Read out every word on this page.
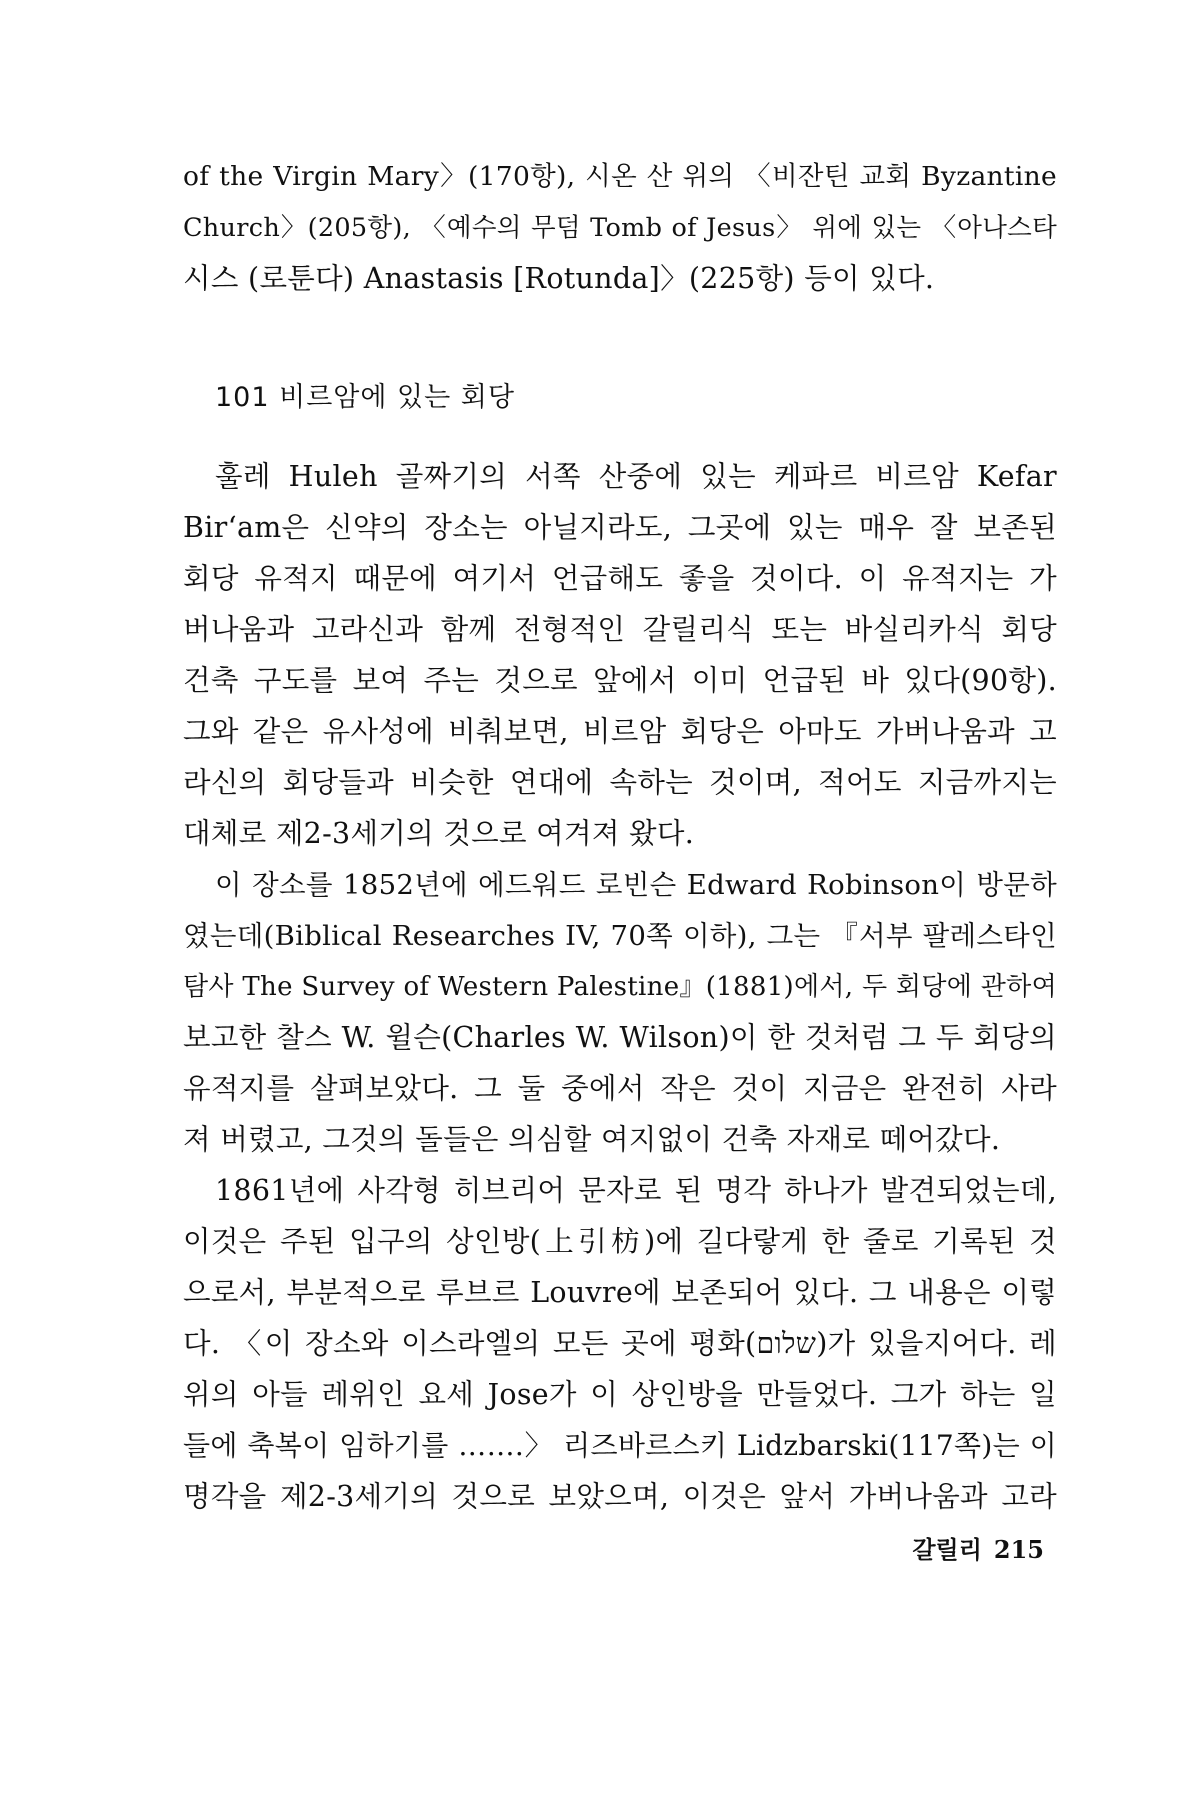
of the Virgin Mary〉(170항), 시온 산 위의 〈비잔틴 교회 Byzantine
Church〉(205항), 〈예수의 무덤 Tomb of Jesus〉 위에 있는 〈아나스타
시스 (로툰다) Anastasis [Rotunda]〉(225항) 등이 있다.
101 비르암에 있는 회당
훌레 Huleh 골짜기의 서쪽 산중에 있는 케파르 비르암 Kefar
Bir‘am은 신약의 장소는 아닐지라도, 그곳에 있는 매우 잘 보존된
회당 유적지 때문에 여기서 언급해도 좋을 것이다. 이 유적지는 가
버나움과 고라신과 함께 전형적인 갈릴리식 또는 바실리카식 회당
건축 구도를 보여 주는 것으로 앞에서 이미 언급된 바 있다(90항).
그와 같은 유사성에 비춰보면, 비르암 회당은 아마도 가버나움과 고
라신의 회당들과 비슷한 연대에 속하는 것이며, 적어도 지금까지는
대체로 제2-3세기의 것으로 여겨져 왔다.
이 장소를 1852년에 에드워드 로빈슨 Edward Robinson이 방문하
였는데(Biblical Researches IV, 70쪽 이하), 그는 『서부 팔레스타인
탐사 The Survey of Western Palestine』(1881)에서, 두 회당에 관하여
보고한 찰스 W. 윌슨(Charles W. Wilson)이 한 것처럼 그 두 회당의
유적지를 살펴보았다. 그 둘 중에서 작은 것이 지금은 완전히 사라
져 버렸고, 그것의 돌들은 의심할 여지없이 건축 자재로 떼어갔다.
1861년에 사각형 히브리어 문자로 된 명각 하나가 발견되었는데,
이것은 주된 입구의 상인방(上引枋)에 길다랗게 한 줄로 기록된 것
으로서, 부분적으로 루브르 Louvre에 보존되어 있다. 그 내용은 이렇
다. 〈이 장소와 이스라엘의 모든 곳에 평화(שלום)가 있을지어다. 레
위의 아들 레위인 요세 Jose가 이 상인방을 만들었다. 그가 하는 일
들에 축복이 임하기를 …….〉 리즈바르스키 Lidzbarski(117쪽)는 이
명각을 제2-3세기의 것으로 보았으며, 이것은 앞서 가버나움과 고라
갈릴리 215
